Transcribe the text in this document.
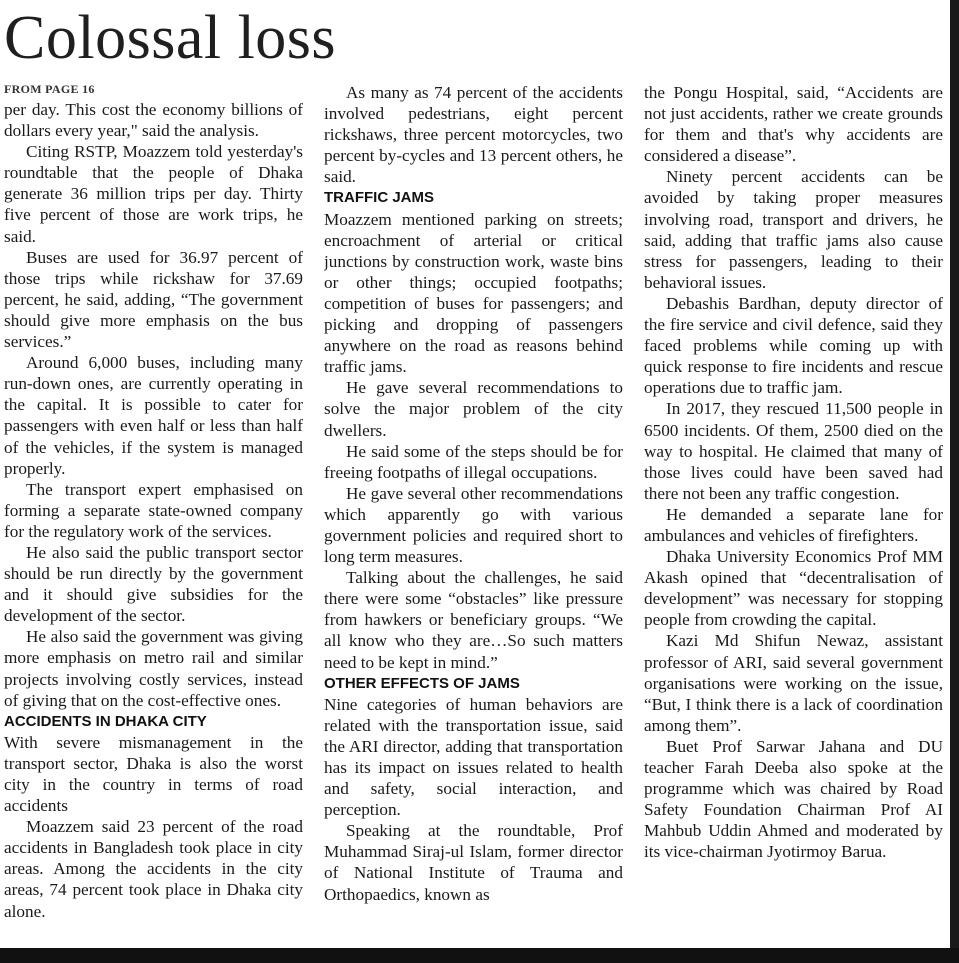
Colossal loss
FROM PAGE 16

per day. This cost the economy billions of dollars every year," said the analysis.

Citing RSTP, Moazzem told yesterday's roundtable that the people of Dhaka generate 36 million trips per day. Thirty five percent of those are work trips, he said.

Buses are used for 36.97 percent of those trips while rickshaw for 37.69 percent, he said, adding, “The government should give more emphasis on the bus services.”

Around 6,000 buses, including many run-down ones, are currently operating in the capital. It is possible to cater for passengers with even half or less than half of the vehicles, if the system is managed properly.

The transport expert emphasised on forming a separate state-owned company for the regulatory work of the services.

He also said the public transport sector should be run directly by the government and it should give subsidies for the development of the sector.

He also said the government was giving more emphasis on metro rail and similar projects involving costly services, instead of giving that on the cost-effective ones.

ACCIDENTS IN DHAKA CITY

With severe mismanagement in the transport sector, Dhaka is also the worst city in the country in terms of road accidents

Moazzem said 23 percent of the road accidents in Bangladesh took place in city areas. Among the accidents in the city areas, 74 percent took place in Dhaka city alone.

As many as 74 percent of the accidents involved pedestrians, eight percent rickshaws, three percent motorcycles, two percent by-cycles and 13 percent others, he said.

TRAFFIC JAMS

Moazzem mentioned parking on streets; encroachment of arterial or critical junctions by construction work, waste bins or other things; occupied footpaths; competition of buses for passengers; and picking and dropping of passengers anywhere on the road as reasons behind traffic jams.

He gave several recommendations to solve the major problem of the city dwellers.

He said some of the steps should be for freeing footpaths of illegal occupations.

He gave several other recommendations which apparently go with various government policies and required short to long term measures.

Talking about the challenges, he said there were some “obstacles” like pressure from hawkers or beneficiary groups. “We all know who they are…So such matters need to be kept in mind.”

OTHER EFFECTS OF JAMS

Nine categories of human behaviors are related with the transportation issue, said the ARI director, adding that transportation has its impact on issues related to health and safety, social interaction, and perception.

Speaking at the roundtable, Prof Muhammad Siraj-ul Islam, former director of National Institute of Trauma and Orthopaedics, known as

the Pongu Hospital, said, “Accidents are not just accidents, rather we create grounds for them and that's why accidents are considered a disease”.

Ninety percent accidents can be avoided by taking proper measures involving road, transport and drivers, he said, adding that traffic jams also cause stress for passengers, leading to their behavioral issues.

Debashis Bardhan, deputy director of the fire service and civil defence, said they faced problems while coming up with quick response to fire incidents and rescue operations due to traffic jam.

In 2017, they rescued 11,500 people in 6500 incidents. Of them, 2500 died on the way to hospital. He claimed that many of those lives could have been saved had there not been any traffic congestion.

He demanded a separate lane for ambulances and vehicles of firefighters.

Dhaka University Economics Prof MM Akash opined that “decentralisation of development” was necessary for stopping people from crowding the capital.

Kazi Md Shifun Newaz, assistant professor of ARI, said several government organisations were working on the issue, “But, I think there is a lack of coordination among them”.

Buet Prof Sarwar Jahana and DU teacher Farah Deeba also spoke at the programme which was chaired by Road Safety Foundation Chairman Prof AI Mahbub Uddin Ahmed and moderated by its vice-chairman Jyotirmoy Barua.
